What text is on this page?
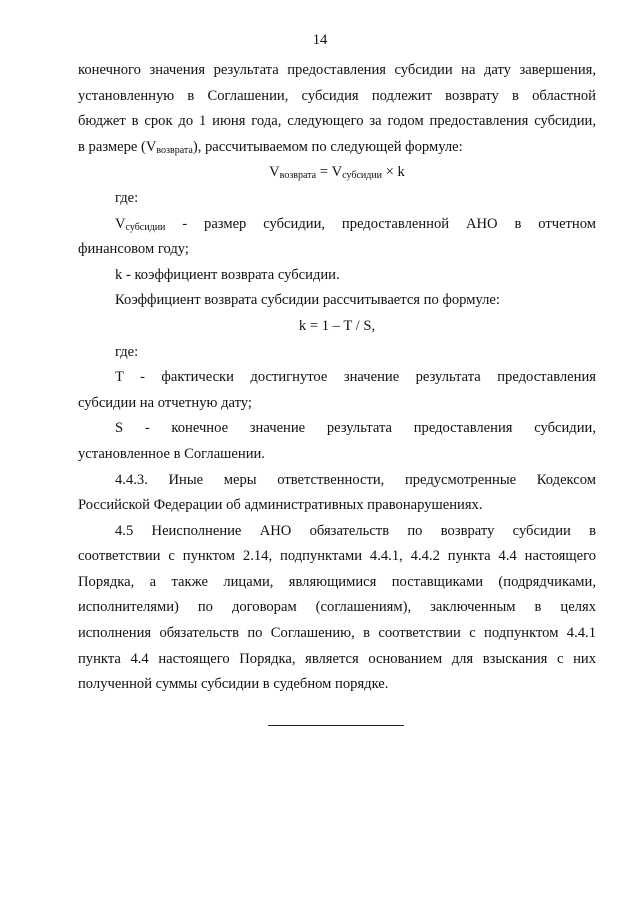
14

конечного значения результата предоставления субсидии на дату завершения,

установленную в Соглашении, субсидия подлежит возврату в областной

бюджет в срок до 1 июня года, следующего за годом предоставления субсидии,

в размере $(V_{возврата})$, рассчитываемом по следующей формуле:

$V_{возврата} = V_{субсидии} \times k$

где:

$V_{субсидии}$ - размер субсидии, предоставленной АНО в отчетном

финансовом году;

k - коэффициент возврата субсидии.

Коэффициент возврата субсидии рассчитывается по формуле:

k = 1 – T / S,

где:

T - фактически достигнутое значение результата предоставления

субсидии на отчетную дату;

S - конечное значение результата предоставления субсидии,

установленное в Соглашении.

4.4.3. Иные меры ответственности, предусмотренные Кодексом

Российской Федерации об административных правонарушениях.

4.5 Неисполнение АНО обязательств по возврату субсидии в

соответствии с пунктом 2.14, подпунктами 4.4.1, 4.4.2 пункта 4.4 настоящего

Порядка, а также лицами, являющимися поставщиками (подрядчиками,

исполнителями) по договорам (соглашениям), заключенным в целях

исполнения обязательств по Соглашению, в соответствии с подпунктом 4.4.1

пункта 4.4 настоящего Порядка, является основанием для взыскания с них

полученной суммы субсидии в судебном порядке.
